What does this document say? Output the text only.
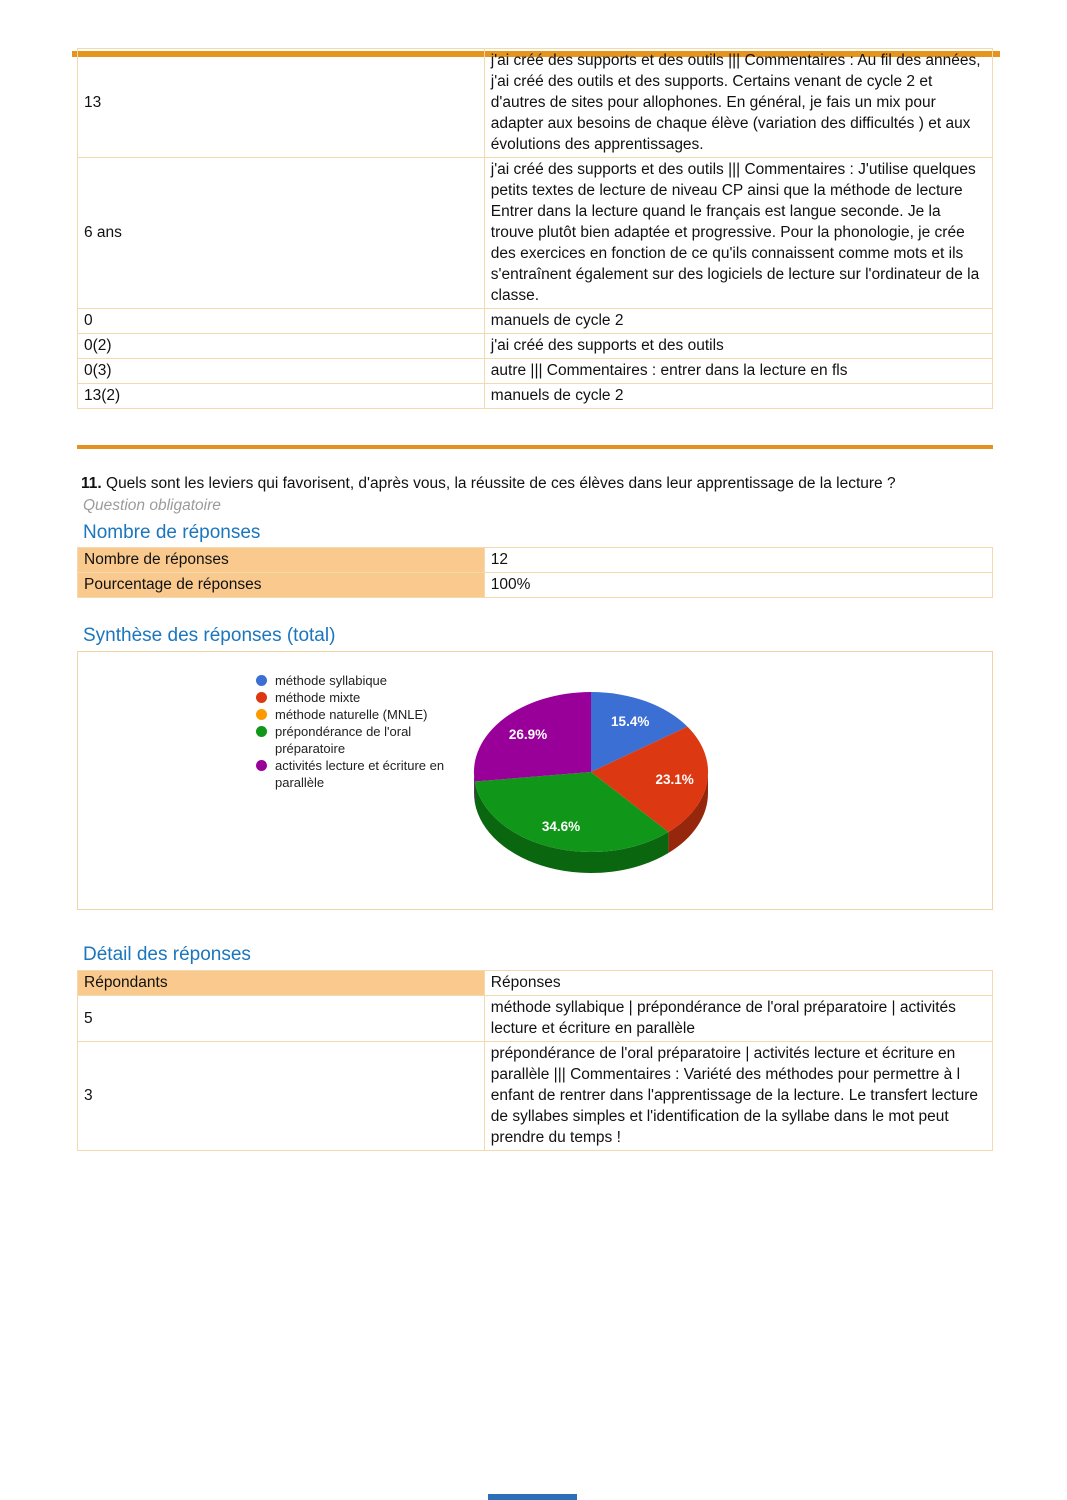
13	j'ai créé des supports et des outils ||| Commentaires : Au fil des années, j'ai créé des outils et des supports. Certains venant de cycle 2 et d'autres de sites pour allophones. En général, je fais un mix pour adapter aux besoins de chaque élève (variation des difficultés ) et aux évolutions des apprentissages.
6 ans	j'ai créé des supports et des outils ||| Commentaires : J'utilise quelques petits textes de lecture de niveau CP ainsi que la méthode de lecture Entrer dans la lecture quand le français est langue seconde. Je la trouve plutôt bien adaptée et progressive. Pour la phonologie, je crée des exercices en fonction de ce qu'ils connaissent comme mots et ils s'entraînent également sur des logiciels de lecture sur l'ordinateur de la classe.
0	manuels de cycle 2
0(2)	j'ai créé des supports et des outils
0(3)	autre ||| Commentaires : entrer dans la lecture en fls
13(2)	manuels de cycle 2
11. Quels sont les leviers qui favorisent, d'après vous, la réussite de ces élèves dans leur apprentissage de la lecture ?
Question obligatoire
Nombre de réponses
Nombre de réponses	12
Pourcentage de réponses	100%
Synthèse des réponses (total)
méthode syllabique
méthode mixte
méthode naturelle (MNLE)
prépondérance de l'oral préparatoire
activités lecture et écriture en parallèle
15.4%
23.1%
34.6%
26.9%
Détail des réponses
Répondants	Réponses
5	méthode syllabique | prépondérance de l'oral préparatoire | activités lecture et écriture en parallèle
3	prépondérance de l'oral préparatoire | activités lecture et écriture en parallèle ||| Commentaires : Variété des méthodes pour permettre à l enfant de rentrer dans l'apprentissage de la lecture. Le transfert lecture de syllabes simples et l'identification de la syllabe dans le mot peut prendre du temps !
